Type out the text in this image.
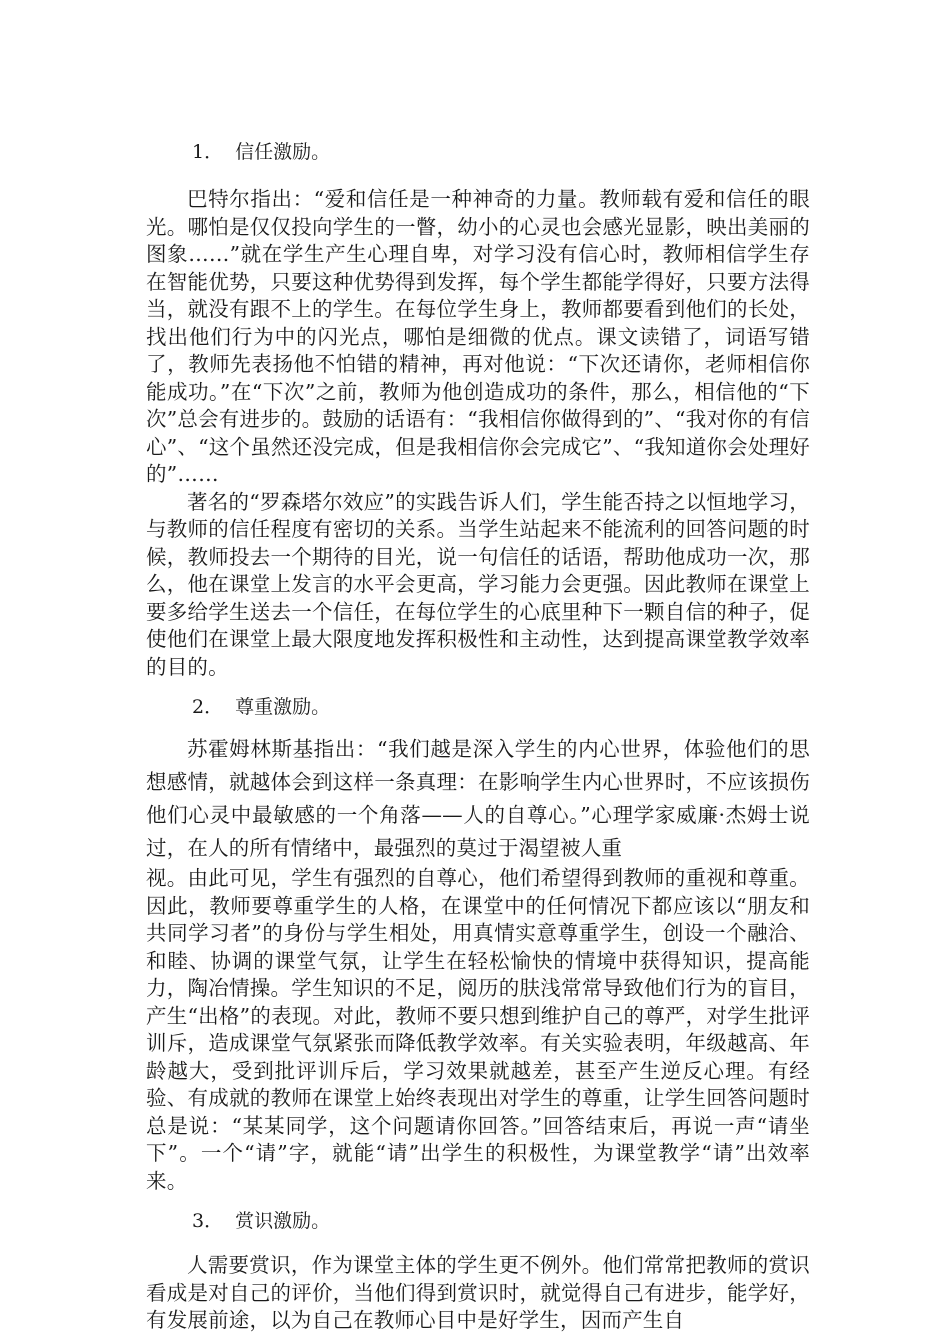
1．  信任激励。

巴特尔指出：“爱和信任是一种神奇的力量。教师载有爱和信任的眼光。哪怕是仅仅投向学生的一瞥，幼小的心灵也会感光显影，映出美丽的图象……”就在学生产生心理自卑，对学习没有信心时，教师相信学生存在智能优势，只要这种优势得到发挥，每个学生都能学得好，只要方法得当，就没有跟不上的学生。在每位学生身上，教师都要看到他们的长处，找出他们行为中的闪光点，哪怕是细微的优点。课文读错了，词语写错了，教师先表扬他不怕错的精神，再对他说：“下次还请你，老师相信你能成功。”在“下次”之前，教师为他创造成功的条件，那么，相信他的“下次”总会有进步的。鼓励的话语有：“我相信你做得到的”、“我对你的有信心”、“这个虽然还没完成，但是我相信你会完成它”、“我知道你会处理好的”……

著名的“罗森塔尔效应”的实践告诉人们，学生能否持之以恒地学习，与教师的信任程度有密切的关系。当学生站起来不能流利的回答问题的时候，教师投去一个期待的目光，说一句信任的话语，帮助他成功一次，那么，他在课堂上发言的水平会更高，学习能力会更强。因此教师在课堂上要多给学生送去一个信任，在每位学生的心底里种下一颗自信的种子，促使他们在课堂上最大限度地发挥积极性和主动性，达到提高课堂教学效率的目的。

2．  尊重激励。

苏霍姆林斯基指出：“我们越是深入学生的内心世界，体验他们的思想感情，就越体会到这样一条真理：在影响学生内心世界时，不应该损伤他们心灵中最敏感的一个角落——人的自尊心。”心理学家威廉·杰姆士说过，在人的所有情绪中，最强烈的莫过于渴望被人重

视。由此可见，学生有强烈的自尊心，他们希望得到教师的重视和尊重。因此，教师要尊重学生的人格，在课堂中的任何情况下都应该以“朋友和共同学习者”的身份与学生相处，用真情实意尊重学生，创设一个融洽、和睦、协调的课堂气氛，让学生在轻松愉快的情境中获得知识，提高能力，陶冶情操。学生知识的不足，阅历的肤浅常常导致他们行为的盲目，产生“出格”的表现。对此，教师不要只想到维护自己的尊严，对学生批评训斥，造成课堂气氛紧张而降低教学效率。有关实验表明，年级越高、年龄越大，受到批评训斥后，学习效果就越差，甚至产生逆反心理。有经验、有成就的教师在课堂上始终表现出对学生的尊重，让学生回答问题时总是说：“某某同学，这个问题请你回答。”回答结束后，再说一声“请坐下”。一个“请”字，就能“请”出学生的积极性，为课堂教学“请”出效率来。

3．  赏识激励。

人需要赏识，作为课堂主体的学生更不例外。他们常常把教师的赏识看成是对自己的评价，当他们得到赏识时，就觉得自己有进步，能学好，有发展前途，以为自己在教师心目中是好学生，因而产生自
